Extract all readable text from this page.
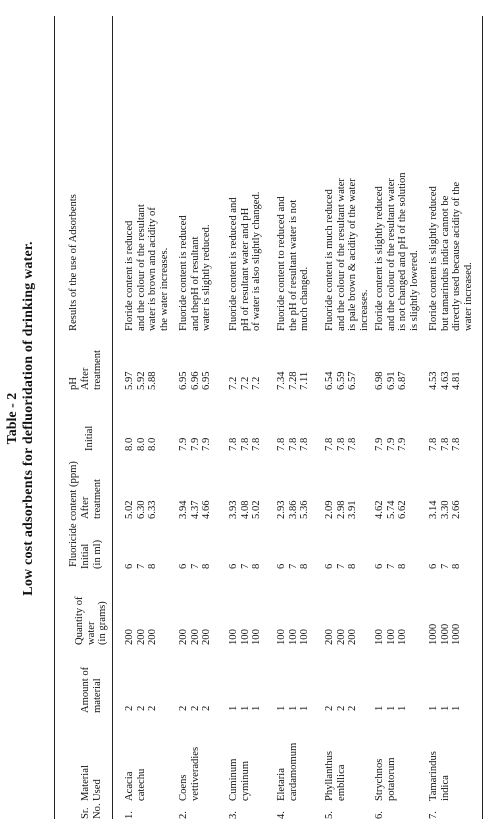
Table - 2 Low cost adsorbents for defluoridation of drinking water.
Sr. No.
Material Used
Amount of material
Quantity of water (in grams)
Fluoricide content (ppm) Initial (in ml)
After treatment
Initial
pH After treatment
Results of the use of Adsorbents
1.
Acacia catechu
2 2 2
200 200 200
6 7 8
5.02 6.30 6.33
8.0 8.0 8.0
5.97 5.92 5.88
Floride content is reduced and the colour of the resultant water is brown and acidity of the water increases.
2.
Coens vettiveradies
2 2 2
200 200 200
6 7 8
3.94 4.37 4.66
7.9 7.9 7.9
6.95 6.96 6.95
Fluoride content is reduced and thepH of resultant water is slightly reduced.
3.
Cuminum cyminum
1 1 1
100 100 100
6 7 8
3.93 4.08 5.02
7.8 7.8 7.8
7.2 7.2 7.2
Fluoride content is reduced and pH of resultant water and pH of water is also slightly changed.
4.
Eletaria cardamomum
1 1 1
100 100 100
6 7 8
2.93 3.86 5.36
7.8 7.8 7.8
7.34 7.28 7.11
Fluoride content to reduced and the pH of resultant water is not much changed.
5.
Phyllanthus embllica
2 2 2
200 200 200
6 7 8
2.09 2.98 3.91
7.8 7.8 7.8
6.54 6.59 6.57
Fluoride content is much reduced and the colour of the resultant water is pale brown & acidity of the water increases.
6.
Strychnos potatorum
1 1 1
100 100 100
6 7 8
4.62 5.74 6.62
7.9 7.9 7.9
6.98 6.91 6.87
Floride content is slightly reduced and the colour of the resultant water is not changed and pH of the solution is slightly lowered.
7.
Tamarindus indica
1 1 1
1000 1000 1000
6 7 8
3.14 3.30 2.66
7.8 7.8 7.8
4.53 4.63 4.81
Floride content is slightly reduced but tamarindus indica cannot be directly used because acidity of the water increased.
